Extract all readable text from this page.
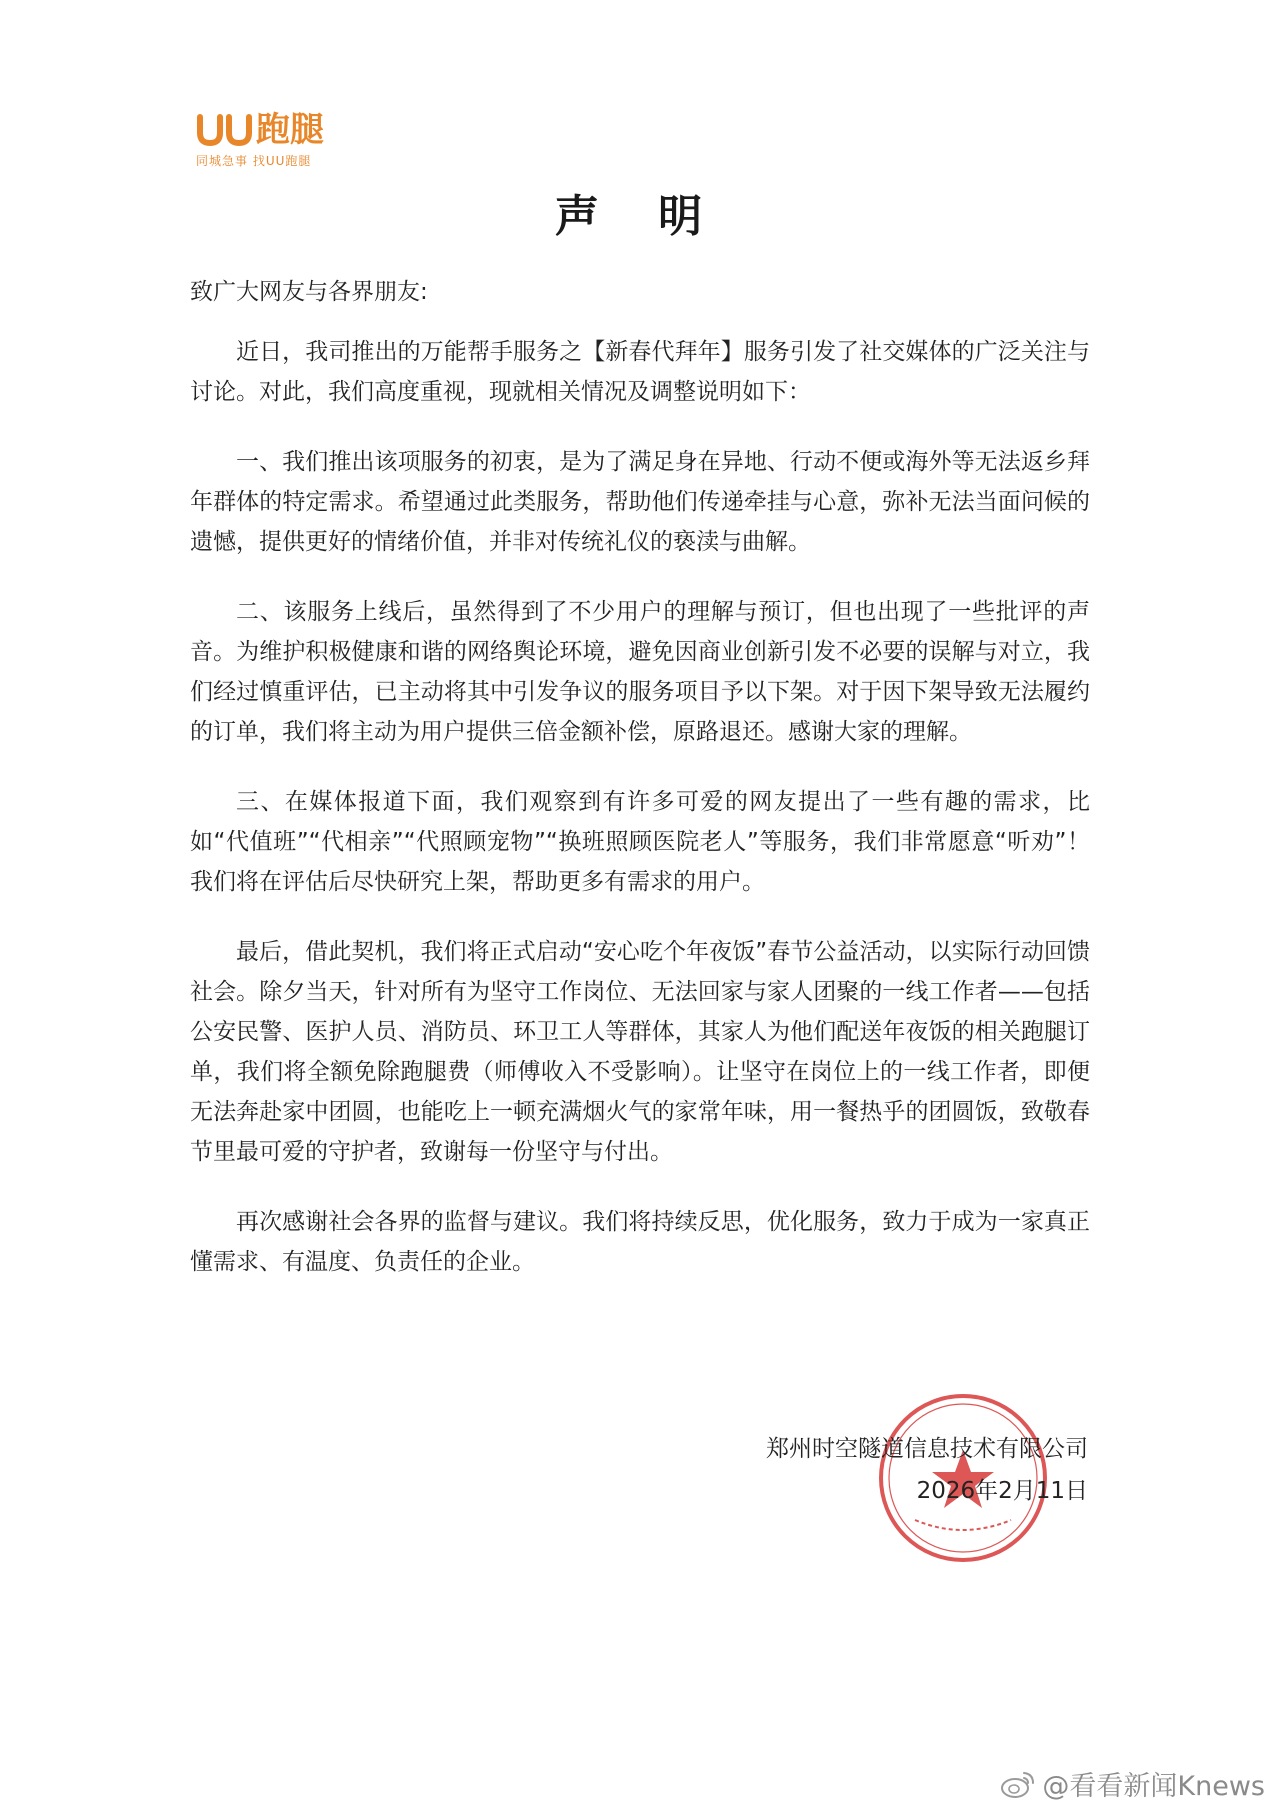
跑腿
同城急事 找UU跑腿
声 明

致广大网友与各界朋友:

近日，我司推出的万能帮手服务之【新春代拜年】服务引发了社交媒体的广泛关注与讨论。对此，我们高度重视，现就相关情况及调整说明如下：

一、我们推出该项服务的初衷，是为了满足身在异地、行动不便或海外等无法返乡拜年群体的特定需求。希望通过此类服务，帮助他们传递牵挂与心意，弥补无法当面问候的遗憾，提供更好的情绪价值，并非对传统礼仪的亵渎与曲解。

二、该服务上线后，虽然得到了不少用户的理解与预订，但也出现了一些批评的声音。为维护积极健康和谐的网络舆论环境，避免因商业创新引发不必要的误解与对立，我们经过慎重评估，已主动将其中引发争议的服务项目予以下架。对于因下架导致无法履约的订单，我们将主动为用户提供三倍金额补偿，原路退还。感谢大家的理解。

三、在媒体报道下面，我们观察到有许多可爱的网友提出了一些有趣的需求，比如“代值班”“代相亲”“代照顾宠物”“换班照顾医院老人”等服务，我们非常愿意“听劝”！我们将在评估后尽快研究上架，帮助更多有需求的用户。

最后，借此契机，我们将正式启动“安心吃个年夜饭”春节公益活动，以实际行动回馈社会。除夕当天，针对所有为坚守工作岗位、无法回家与家人团聚的一线工作者——包括公安民警、医护人员、消防员、环卫工人等群体，其家人为他们配送年夜饭的相关跑腿订单，我们将全额免除跑腿费（师傅收入不受影响）。让坚守在岗位上的一线工作者，即便无法奔赴家中团圆，也能吃上一顿充满烟火气的家常年味，用一餐热乎的团圆饭，致敬春节里最可爱的守护者，致谢每一份坚守与付出。

再次感谢社会各界的监督与建议。我们将持续反思，优化服务，致力于成为一家真正懂需求、有温度、负责任的企业。

郑州时空隧道信息技术有限公司
2026年2月11日
@看看新闻Knews
